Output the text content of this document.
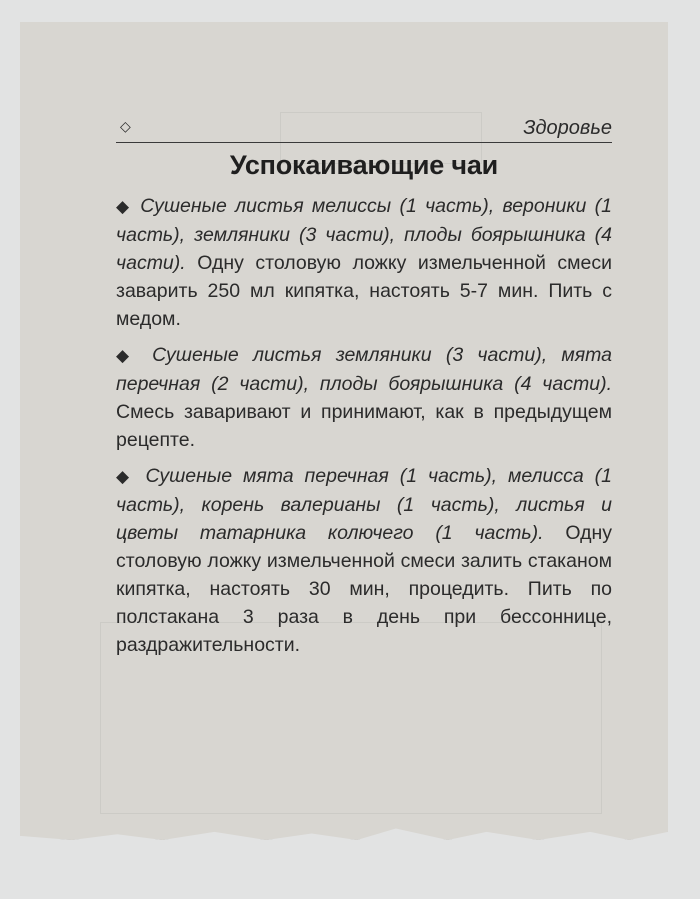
◇	Здоровье
Успокаивающие чаи

◆ Сушеные листья мелиссы (1 часть), вероники (1 часть), земляники (3 части), плоды боярышника (4 части). Одну столовую ложку измельченной смеси заварить 250 мл кипятка, настоять 5-7 мин. Пить с медом.

◆ Сушеные листья земляники (3 части), мята перечная (2 части), плоды боярышника (4 части). Смесь заваривают и принимают, как в предыдущем рецепте.

◆ Сушеные мята перечная (1 часть), мелисса (1 часть), корень валерианы (1 часть), листья и цветы татарника колючего (1 часть). Одну столовую ложку измельченной смеси залить стаканом кипятка, настоять 30 мин, процедить. Пить по полстакана 3 раза в день при бессоннице, раздражительности.
